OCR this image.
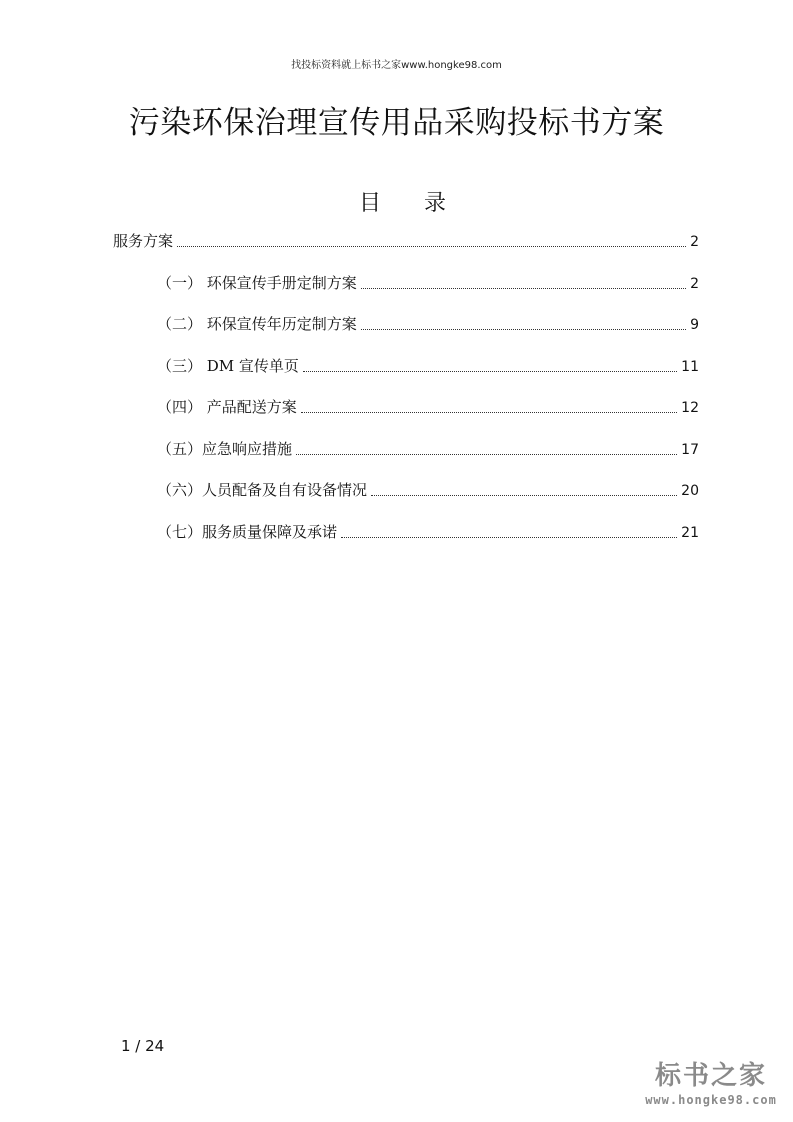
找投标资料就上标书之家www.hongke98.com
污染环保治理宣传用品采购投标书方案
目 录
服务方案	2
（一） 环保宣传手册定制方案	2
（二） 环保宣传年历定制方案	9
（三） DM 宣传单页	11
（四） 产品配送方案	12
（五）应急响应措施	17
（六）人员配备及自有设备情况	20
（七）服务质量保障及承诺	21
1 / 24
标书之家
www.hongke98.com
